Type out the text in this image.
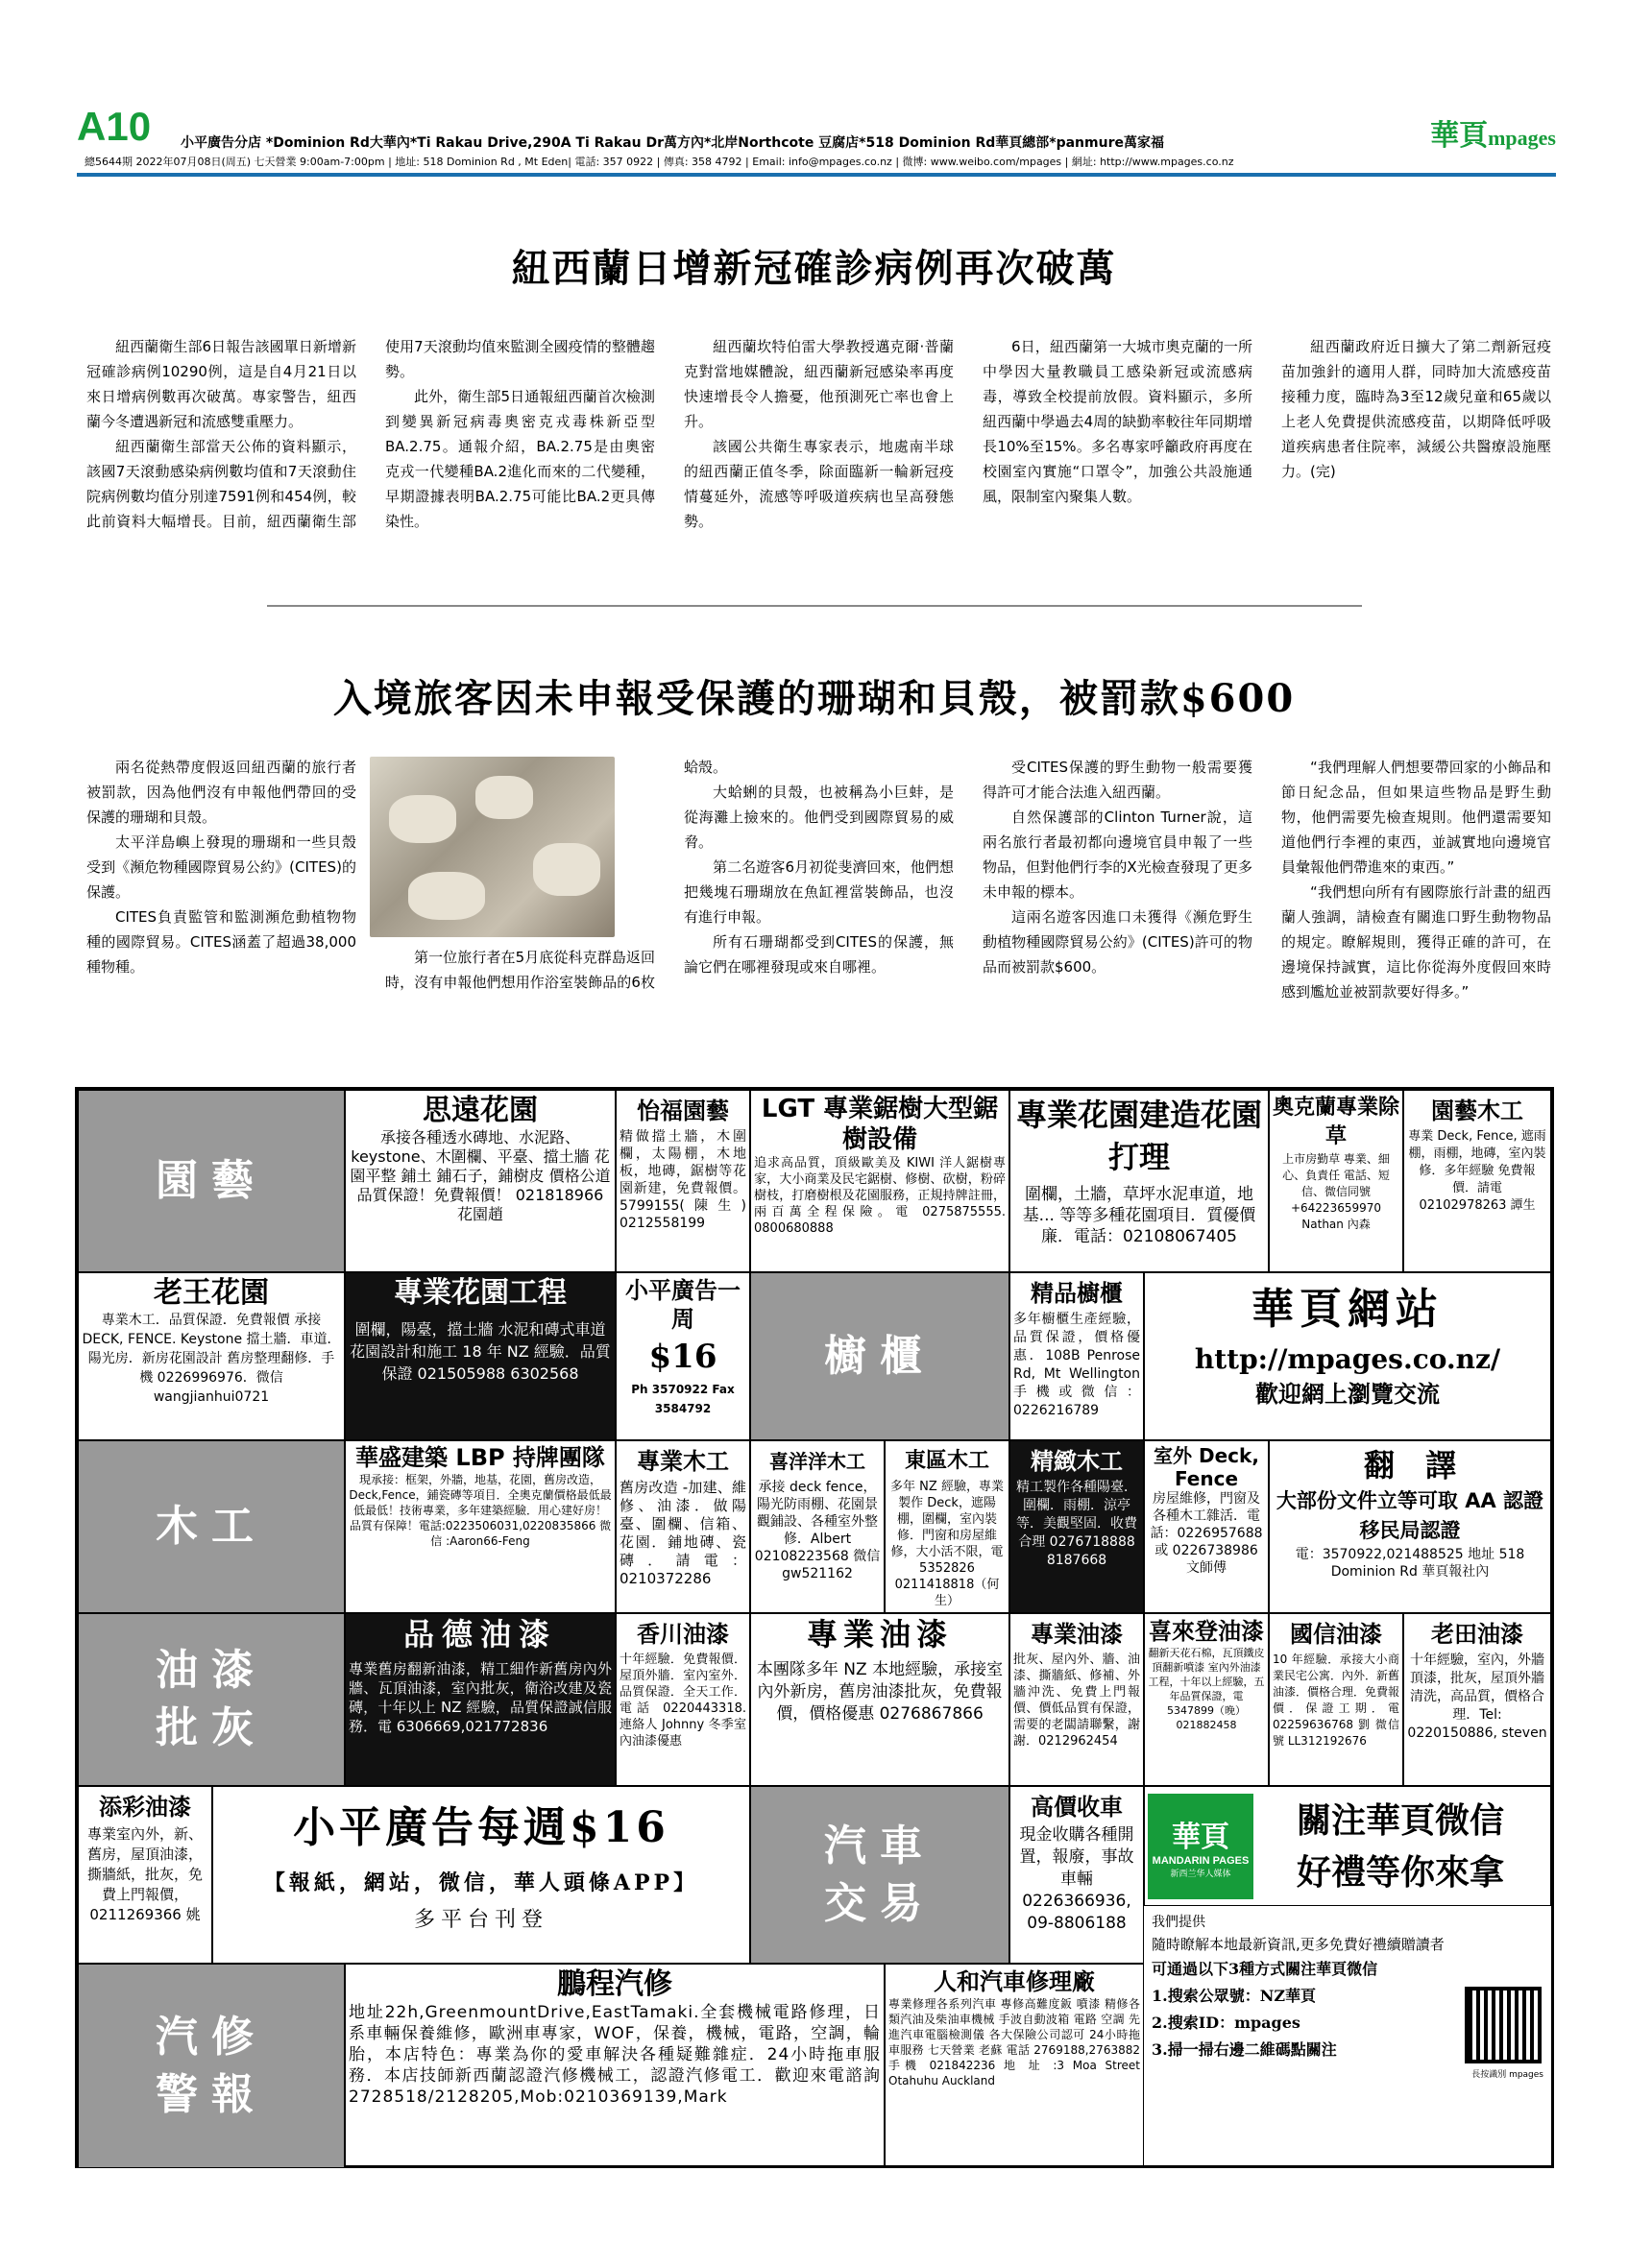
A10 小平廣告分店 *Dominion Rd大華內*Ti Rakau Drive,290A Ti Rakau Dr萬方內*北岸Northcote 豆腐店*518 Dominion Rd華頁總部*panmure萬家福	華頁mpages
總5644期 2022年07月08日(周五) 七天營業 9:00am-7:00pm | 地址: 518 Dominion Rd , Mt Eden| 電話: 357 0922 | 傳真: 358 4792 | Email: info@mpages.co.nz | 微博: www.weibo.com/mpages | 網址: http://www.mpages.co.nz
紐西蘭日增新冠確診病例再次破萬

紐西蘭衛生部6日報告該國單日新增新冠確診病例10290例，這是自4月21日以來日增病例數再次破萬。專家警告，紐西蘭今冬遭遇新冠和流感雙重壓力。

紐西蘭衛生部當天公佈的資料顯示，該國7天滾動感染病例數均值和7天滾動住院病例數均值分別達7591例和454例，較此前資料大幅增長。目前，紐西蘭衛生部使用7天滾動均值來監測全國疫情的整體趨勢。

此外，衛生部5日通報紐西蘭首次檢測到變異新冠病毒奧密克戎毒株新亞型BA.2.75。通報介紹，BA.2.75是由奧密克戎一代變種BA.2進化而來的二代變種，早期證據表明BA.2.75可能比BA.2更具傳染性。

紐西蘭坎特伯雷大學教授邁克爾·普蘭克對當地媒體說，紐西蘭新冠感染率再度快速增長令人擔憂，他預測死亡率也會上升。

該國公共衛生專家表示，地處南半球的紐西蘭正值冬季，除面臨新一輪新冠疫情蔓延外，流感等呼吸道疾病也呈高發態勢。

6日，紐西蘭第一大城市奧克蘭的一所中學因大量教職員工感染新冠或流感病毒，導致全校提前放假。資料顯示，多所紐西蘭中學過去4周的缺勤率較往年同期增長10%至15%。多名專家呼籲政府再度在校園室內實施“口罩令”，加強公共設施通風，限制室內聚集人數。

紐西蘭政府近日擴大了第二劑新冠疫苗加強針的適用人群，同時加大流感疫苗接種力度，臨時為3至12歲兒童和65歲以上老人免費提供流感疫苗，以期降低呼吸道疾病患者住院率，減緩公共醫療設施壓力。(完)

入境旅客因未申報受保護的珊瑚和貝殼，被罰款$600

兩名從熱帶度假返回紐西蘭的旅行者被罰款，因為他們沒有申報他們帶回的受保護的珊瑚和貝殼。

太平洋島嶼上發現的珊瑚和一些貝殼受到《瀕危物種國際貿易公約》(CITES)的保護。

CITES負責監管和監測瀕危動植物物種的國際貿易。CITES涵蓋了超過38,000種物種。

第一位旅行者在5月底從科克群島返回時，沒有申報他們想用作浴室裝飾品的6枚蛤殼。

大蛤蜊的貝殼，也被稱為小巨蚌，是從海灘上撿來的。他們受到國際貿易的威脅。

第二名遊客6月初從斐濟回來，他們想把幾塊石珊瑚放在魚缸裡當裝飾品，也沒有進行申報。

所有石珊瑚都受到CITES的保護，無論它們在哪裡發現或來自哪裡。

受CITES保護的野生動物一般需要獲得許可才能合法進入紐西蘭。

自然保護部的Clinton Turner說，這兩名旅行者最初都向邊境官員申報了一些物品，但對他們行李的X光檢查發現了更多未申報的標本。

這兩名遊客因進口未獲得《瀕危野生動植物種國際貿易公約》(CITES)許可的物品而被罰款$600。

“我們理解人們想要帶回家的小飾品和節日紀念品，但如果這些物品是野生動物，他們需要先檢查規則。他們還需要知道他們行李裡的東西，並誠實地向邊境官員彙報他們帶進來的東西。”

“我們想向所有有國際旅行計畫的紐西蘭人強調，請檢查有關進口野生動物物品的規定。瞭解規則，獲得正確的許可，在邊境保持誠實，這比你從海外度假回來時感到尷尬並被罰款要好得多。”

園藝
櫥櫃
木工
油漆
批灰
汽車
交易
汽修
警報
思遠花園
承接各種透水磚地、水泥路、keystone、木圍欄、平臺、擋土牆 花園平整 鋪土 鋪石子，鋪樹皮 價格公道 品質保證！免費報價！ 021818966 花園趙
怡福園藝
精做擋土牆，木圍欄，太陽棚，木地板，地磚，鋸樹等花園新建，免費報價。5799155(陳生) 0212558199
LGT 專業鋸樹大型鋸樹設備
追求高品質，頂級歐美及 KIWI 洋人鋸樹專家，大小商業及民宅鋸樹、修樹、砍樹，粉碎樹枝，打磨樹根及花園服務，正規持牌註冊，兩百萬全程保險。電 0275875555. 0800680888
專業花園建造花園打理
圍欄，土牆，草坪水泥車道，地基... 等等多種花園項目．質優價廉．電話：02108067405
奧克蘭專業除草
上市房勤草 專業、細心、負責任 電話、短信、微信同號 +64223659970 Nathan 內森
園藝木工
專業 Deck, Fence, 遮雨棚，雨棚，地磚，室內裝修．多年經驗 免費報價．請電 02102978263 譚生
老王花園
專業木工．品質保證．免費報價 承接 DECK, FENCE. Keystone 擋土牆．車道．陽光房．新房花園設計 舊房整理翻修．手機 0226996976．微信 wangjianhui0721
專業花園工程
圍欄，陽臺，擋土牆 水泥和磚式車道 花園設計和施工 18 年 NZ 經驗．品質保證 021505988 6302568
小平廣告一周
$16
Ph 3570922 Fax 3584792
精品櫥櫃
多年櫥櫃生產經驗，品質保證，價格優惠．108B Penrose Rd, Mt Wellington 手機或微信：0226216789
華頁網站
http://mpages.co.nz/
歡迎網上瀏覽交流
華盛建築 LBP 持牌團隊
現承接：框架，外牆，地基，花園，舊房改造，Deck,Fence，鋪瓷磚等項目．全奧克蘭價格最低最低最低！技術專業，多年建築經驗．用心建好房！品質有保障！電話:0223506031,0220835866 微信 :Aaron66-Feng
專業木工
舊房改造 -加建、維修、油漆．做陽臺、圍欄、信箱、花園．鋪地磚、瓷磚．請電：0210372286
喜洋洋木工
承接 deck fence，陽光防雨棚、花園景觀鋪設、各種室外整修．Albert 02108223568 微信 gw521162
東區木工
多年 NZ 經驗，專業製作 Deck，遮陽棚，圍欄，室內裝修．門窗和房屋維修，大小活不限，電 5352826 0211418818（何生）
精緻木工
精工製作各種陽臺．圍欄．雨棚．涼亭等．美觀堅固．收費合理 0276718888 8187668
室外 Deck, Fence
房屋維修，門窗及各種木工雜活．電話：0226957688 或 0226738986 文師傅
翻　譯
大部份文件立等可取 AA 認證 移民局認證
電：3570922,021488525 地址 518 Dominion Rd 華頁報社內
品德油漆
專業舊房翻新油漆，精工細作新舊房內外牆、瓦頂油漆，室內批灰，衛浴改建及瓷磚，十年以上 NZ 經驗，品質保證誠信服務．電 6306669,021772836
香川油漆
十年經驗．免費報價．屋頂外牆．室內室外．品質保證．全天工作．電話 0220443318. 連絡人 Johnny 冬季室內油漆優惠
專業油漆
本團隊多年 NZ 本地經驗，承接室內外新房，舊房油漆批灰，免費報價，價格優惠 0276867866
專業油漆
批灰、屋內外、牆、油漆、撕牆紙、修補、外牆沖洗、免費上門報價、價低品質有保證，需要的老闆請聯繫，謝謝．0212962454
喜來登油漆
翻新天花石棉，瓦頂鐵皮頂翻新噴漆 室內外油漆工程，十年以上經驗，五年品質保證，電 5347899（晚） 021882458
國信油漆
10 年經驗．承接大小商業民宅公寓．內外．新舊油漆．價格合理．免費報價．保證工期．電 02259636768 劉 微信號 LL312192676
老田油漆
十年經驗，室內，外牆頂漆，批灰，屋頂外牆清洗，高品質，價格合理．Tel: 0220150886, steven
添彩油漆
專業室內外，新、舊房，屋頂油漆，撕牆紙，批灰，免費上門報價，0211269366 姚
小平廣告每週$16
【報紙，網站，微信，華人頭條APP】
多平台刊登
高價收車
現金收購各種開置，報廢，事故車輛 0226366936, 09-8806188
華頁
MANDARIN PAGES
新西兰华人媒体
關注華頁微信
好禮等你來拿
我們提供
隨時瞭解本地最新資訊,更多免費好禮續贈讀者
可通過以下3種方式關注華頁微信
1.搜索公眾號：NZ華頁
2.搜索ID：mpages
3.掃一掃右邊二維碼點關注
長按識別 mpages
鵬程汽修
地址22h,GreenmountDrive,EastTamaki.全套機械電路修理，日系車輛保養維修，歐洲車專家，WOF，保養，機械，電路，空調，輪胎，本店特色：專業為你的愛車解決各種疑難雜症．24小時拖車服務．本店技師新西蘭認證汽修機械工，認證汽修電工．歡迎來電諮詢 2728518/2128205,Mob:0210369139,Mark
人和汽車修理廠
專業修理各系列汽車 專修高難度鈑 噴漆 精修各類汽油及柴油車機械 手波自動波箱 電路 空調 先進汽車電腦檢測儀 各大保險公司認可 24小時拖車服務 七天營業 老蘇 電話 2769188,2763882 手機 021842236 地 址 :3 Moa Street Otahuhu Auckland
